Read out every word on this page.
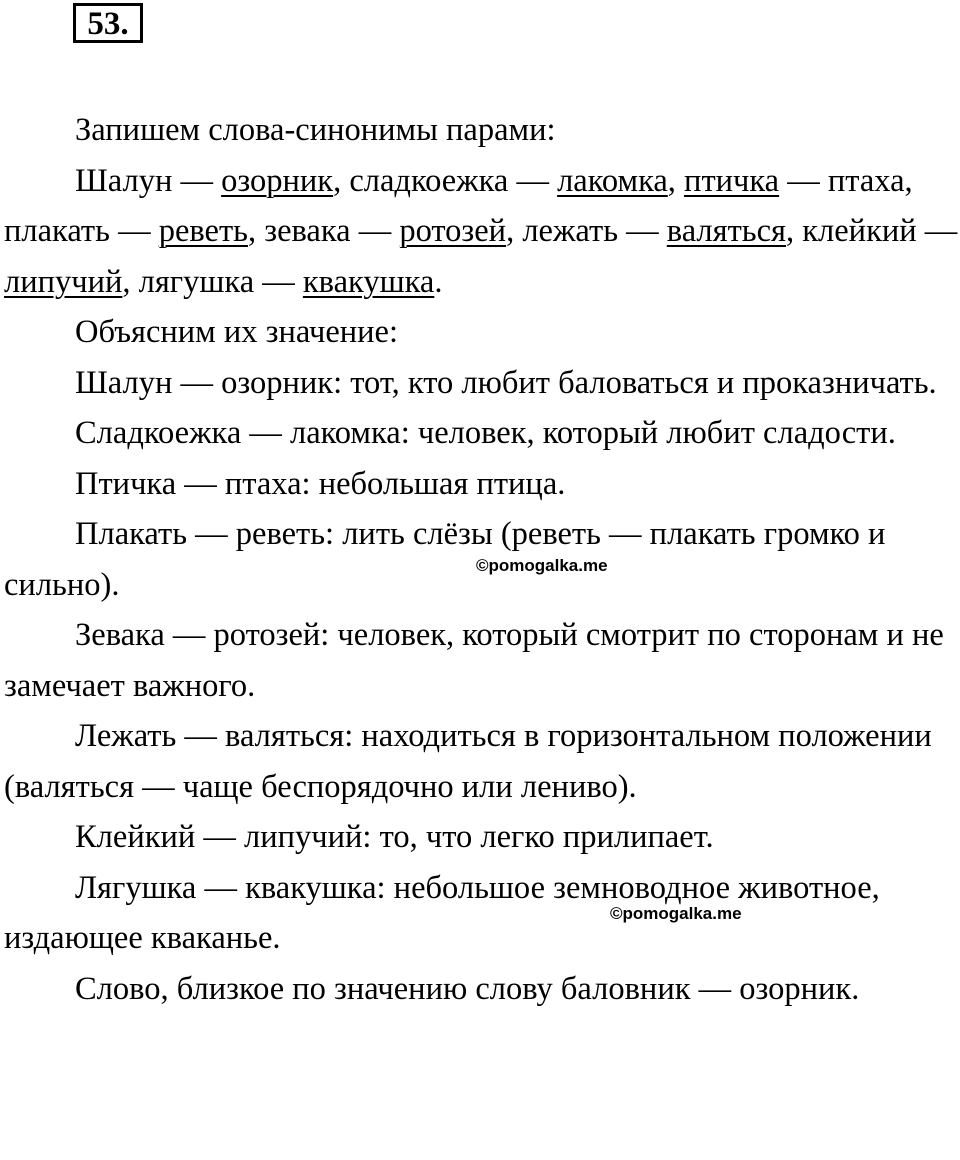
53.

Запишем слова-синонимы парами:

Шалун — озорник, сладкоежка — лакомка, птичка — птаха, плакать — реветь, зевака — ротозей, лежать — валяться, клейкий — липучий, лягушка — квакушка.

Объясним их значение:

Шалун — озорник: тот, кто любит баловаться и проказничать.

Сладкоежка — лакомка: человек, который любит сладости.

Птичка — птаха: небольшая птица.

Плакать — реветь: лить слёзы (реветь — плакать громко и сильно).

Зевака — ротозей: человек, который смотрит по сторонам и не замечает важного.

Лежать — валяться: находиться в горизонтальном положении (валяться — чаще беспорядочно или лениво).

Клейкий — липучий: то, что легко прилипает.

Лягушка — квакушка: небольшое земноводное животное, издающее кваканье.

Слово, близкое по значению слову баловник — озорник.

©pomogalka.me
©pomogalka.me
